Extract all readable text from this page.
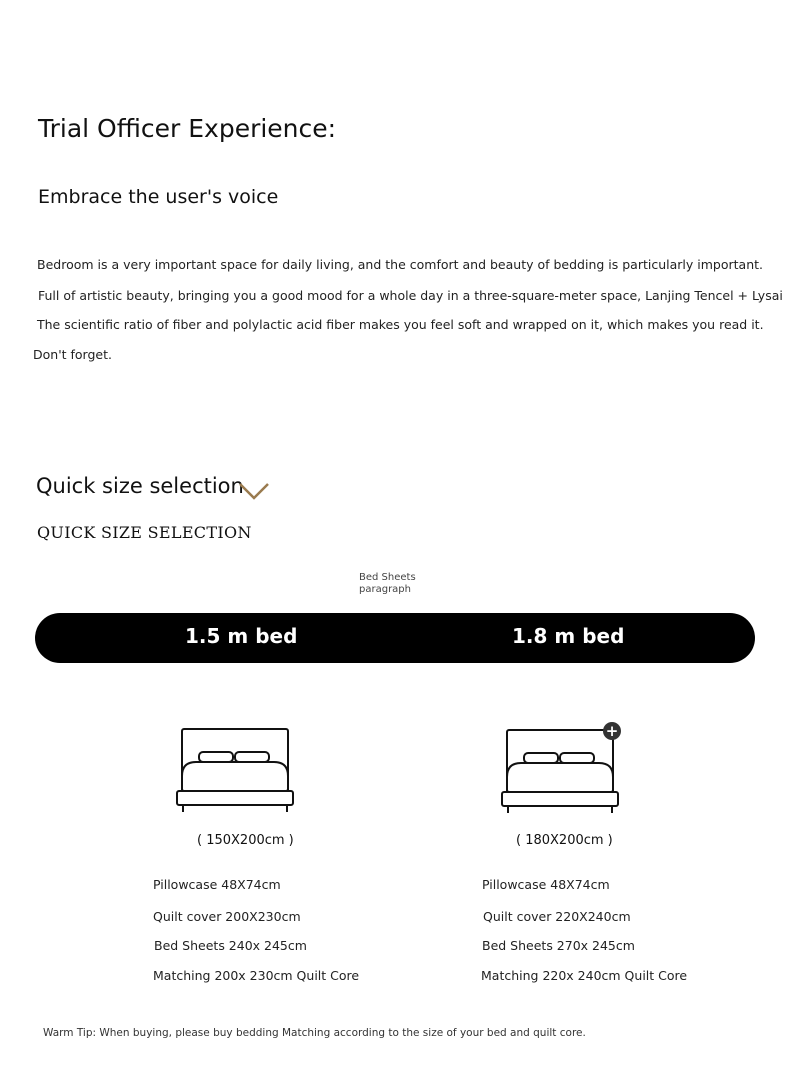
Trial Officer Experience:
Embrace the user's voice
Bedroom is a very important space for daily living, and the comfort and beauty of bedding is particularly important.
Full of artistic beauty, bringing you a good mood for a whole day in a three-square-meter space, Lanjing Tencel + Lysai
The scientific ratio of fiber and polylactic acid fiber makes you feel soft and wrapped on it, which makes you read it.
Don't forget.
Quick size selection
QUICK SIZE SELECTION
Bed Sheets
paragraph
1.5 m bed	1.8 m bed
( 150X200cm )
Pillowcase 48X74cm
Quilt cover 200X230cm
Bed Sheets 240x 245cm
Matching 200x 230cm Quilt Core
+
( 180X200cm )
Pillowcase 48X74cm
Quilt cover 220X240cm
Bed Sheets 270x 245cm
Matching 220x 240cm Quilt Core
Warm Tip: When buying, please buy bedding Matching according to the size of your bed and quilt core.
